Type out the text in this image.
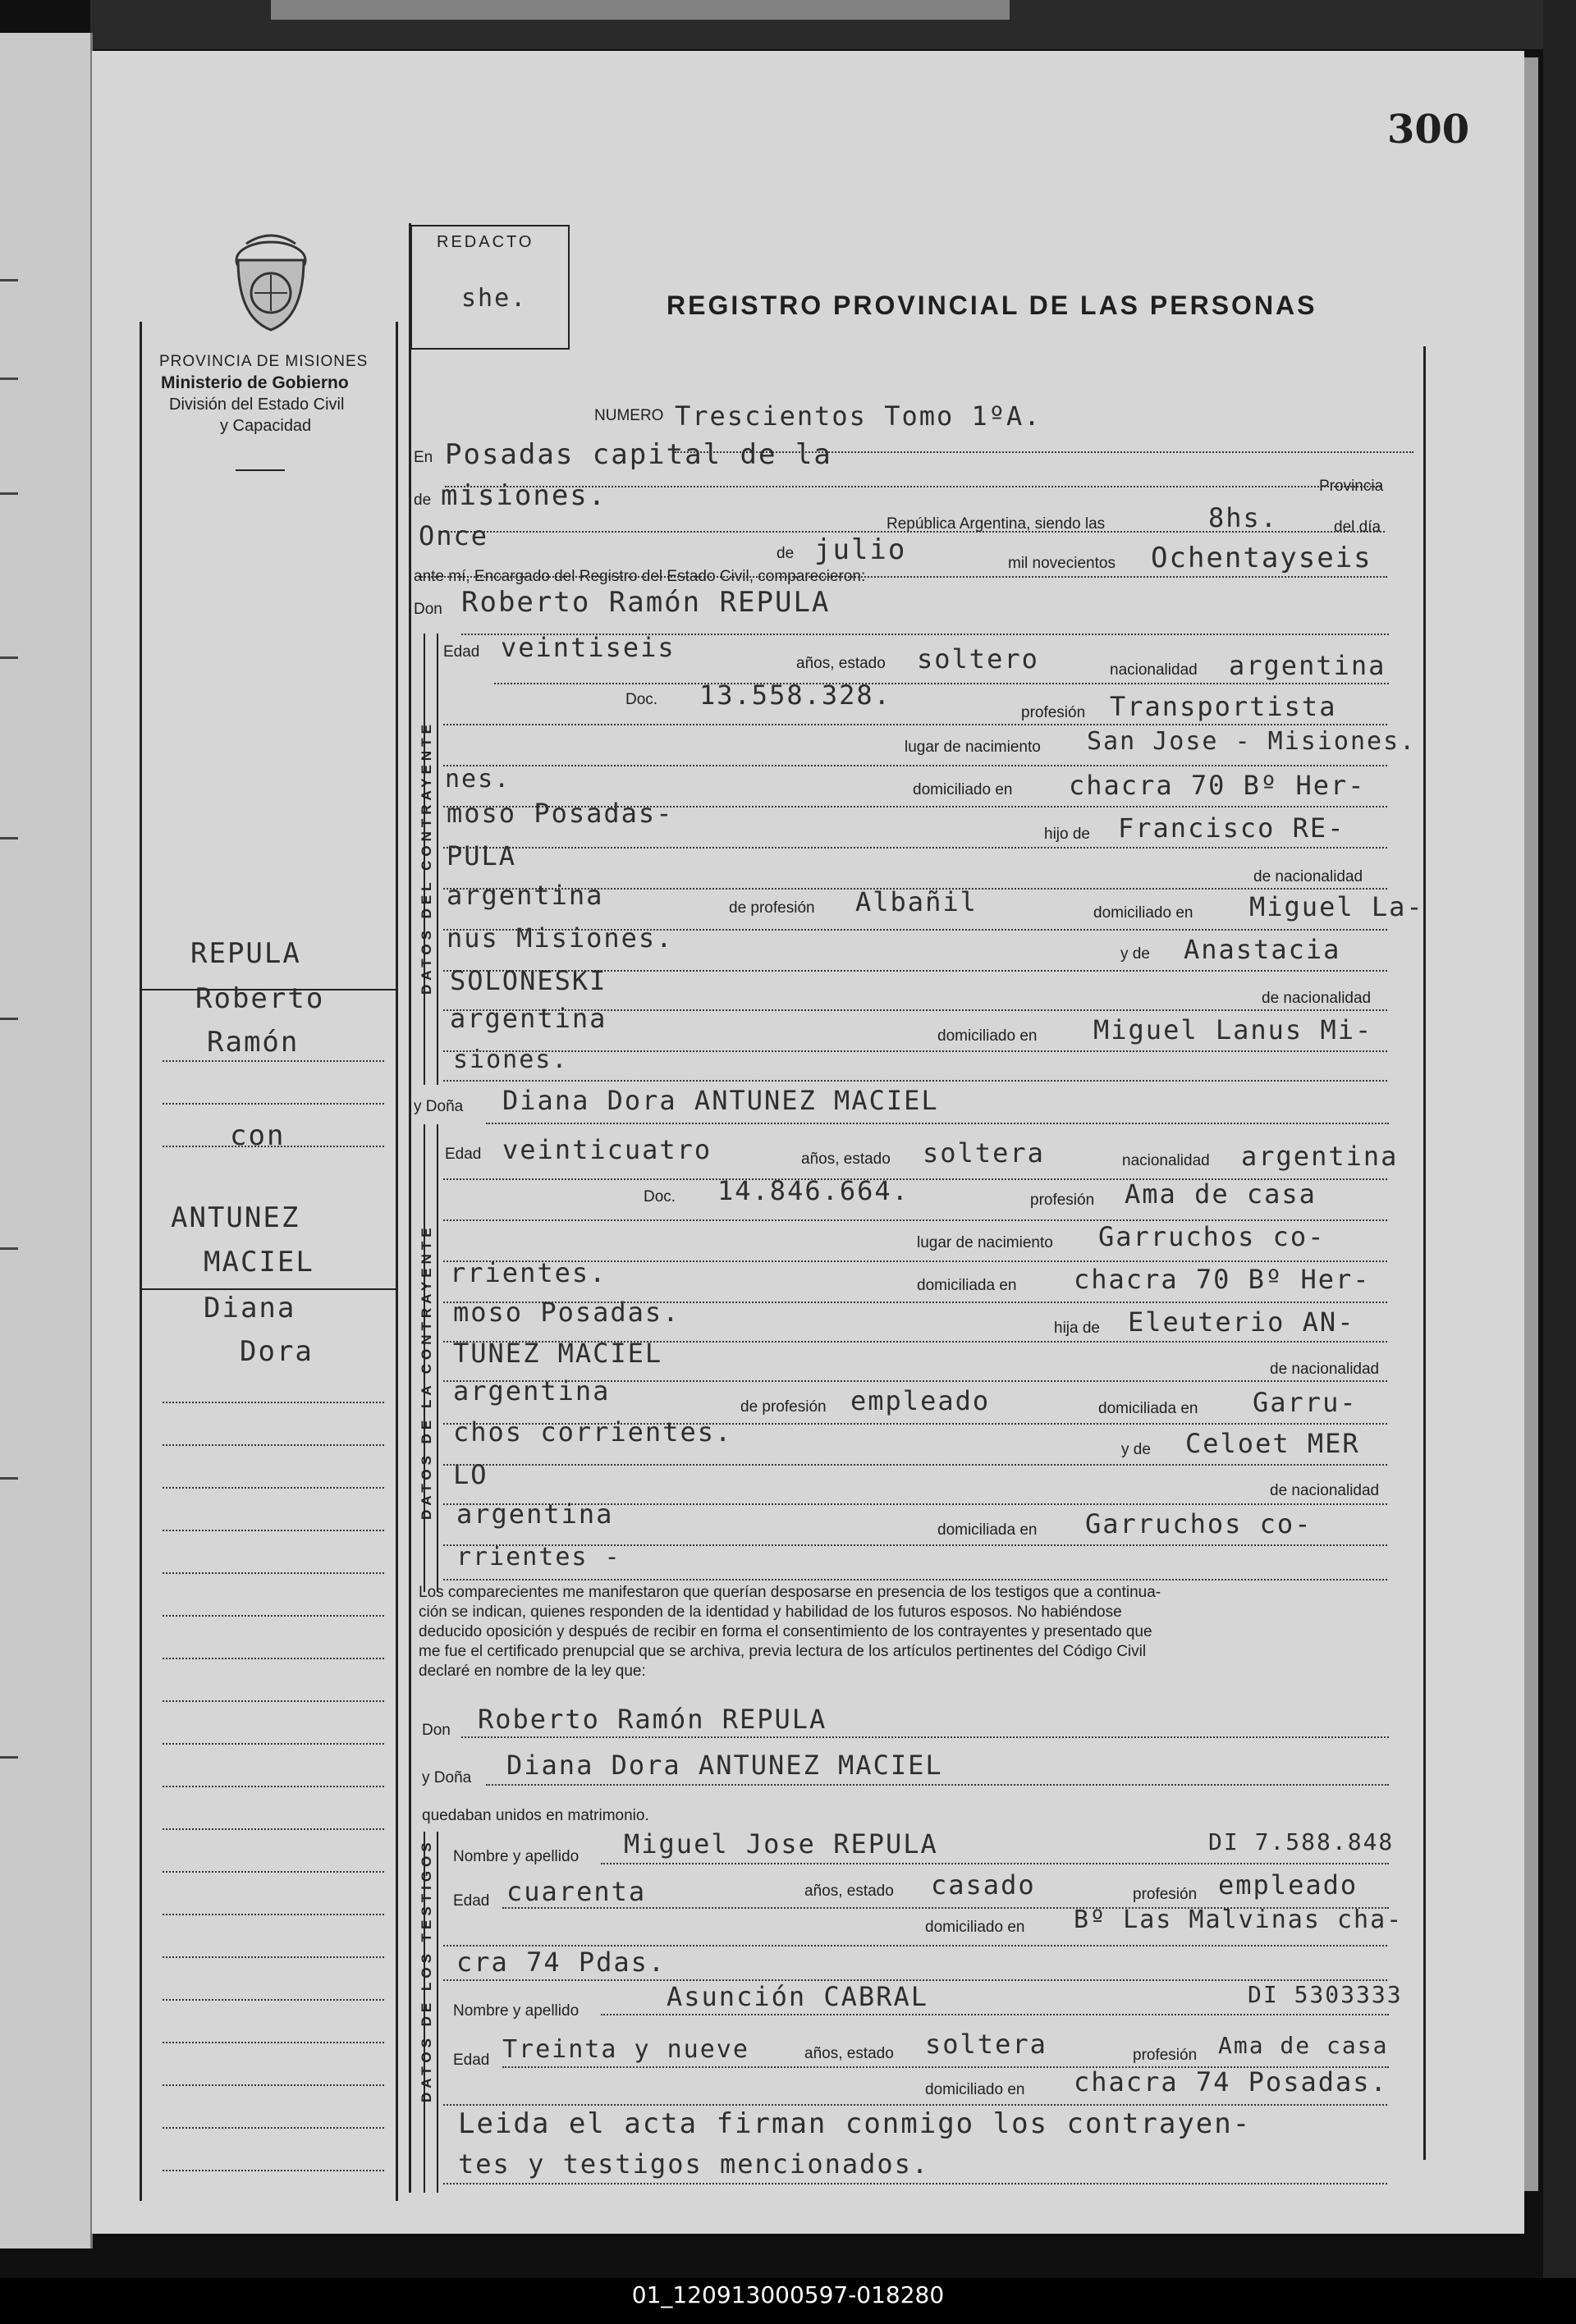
300
PROVINCIA DE MISIONES
Ministerio de Gobierno
División del Estado Civil
y Capacidad
REDACTO
she.	REGISTRO PROVINCIAL DE LAS PERSONAS
REPULA
Roberto
Ramón
con
ANTUNEZ
MACIEL
Diana
Dora
NUMERO Trescientos Tomo 1ºA.
En Posadas capital de la
Provincia
de misiones.
República Argentina, siendo las	8hs.	del día
Once
de julio	mil novecientos Ochentayseis
ante mí, Encargado del Registro del Estado Civil, comparecieron:
Don Roberto Ramón REPULA
DATOS DEL CONTRAYENTE
Edad veintiseis
años, estado soltero	nacionalidad argentina
Doc. 13.558.328.
profesión Transportista
lugar de nacimiento San Jose - Misiones.
nes.	domiciliado en chacra 70 Bº Her-
moso Posadas-
hijo de Francisco RE-
PULA
de nacionalidad
argentina	de profesión Albañil	domiciliado en Miguel La-
nus Misiones.
y de Anastacia
SOLONESKI
de nacionalidad
argentina
domiciliado en Miguel Lanus Mi-
siones.
y Doña Diana Dora ANTUNEZ MACIEL
DATOS DE LA CONTRAYENTE
Edad veinticuatro	años, estado soltera	nacionalidad argentina
Doc. 14.846.664.	profesión Ama de casa
lugar de nacimiento Garruchos co-
rrientes.	domiciliada en chacra 70 Bº Her-
moso Posadas.
hija de Eleuterio AN-
TUNEZ MACIEL
de nacionalidad
argentina
de profesión empleado	domiciliada en Garru-
chos corrientes.
y de Celoet MER
LO
de nacionalidad
argentina
domiciliada en Garruchos co-
rrientes -
Los comparecientes me manifestaron que querían desposarse en presencia de los testigos que a continua-
ción se indican, quienes responden de la identidad y habilidad de los futuros esposos. No habiéndose
deducido oposición y después de recibir en forma el consentimiento de los contrayentes y presentado que
me fue el certificado prenupcial que se archiva, previa lectura de los artículos pertinentes del Código Civil
declaré en nombre de la ley que:
Don Roberto Ramón REPULA
y Doña Diana Dora ANTUNEZ MACIEL
quedaban unidos en matrimonio.
DATOS DE LOS TESTIGOS Nombre y apellido Miguel Jose REPULA	DI 7.588.848
Edad cuarenta	años, estado casado	profesión empleado
domiciliado en Bº Las Malvinas cha-
cra 74 Pdas.
Nombre y apellido	Asunción CABRAL	DI 5303333
Edad Treinta y nueve	años, estado soltera	profesión Ama de casa
domiciliado en chacra 74 Posadas.
Leida el acta firman conmigo los contrayen-
tes y testigos mencionados.
01_120913000597-018280
